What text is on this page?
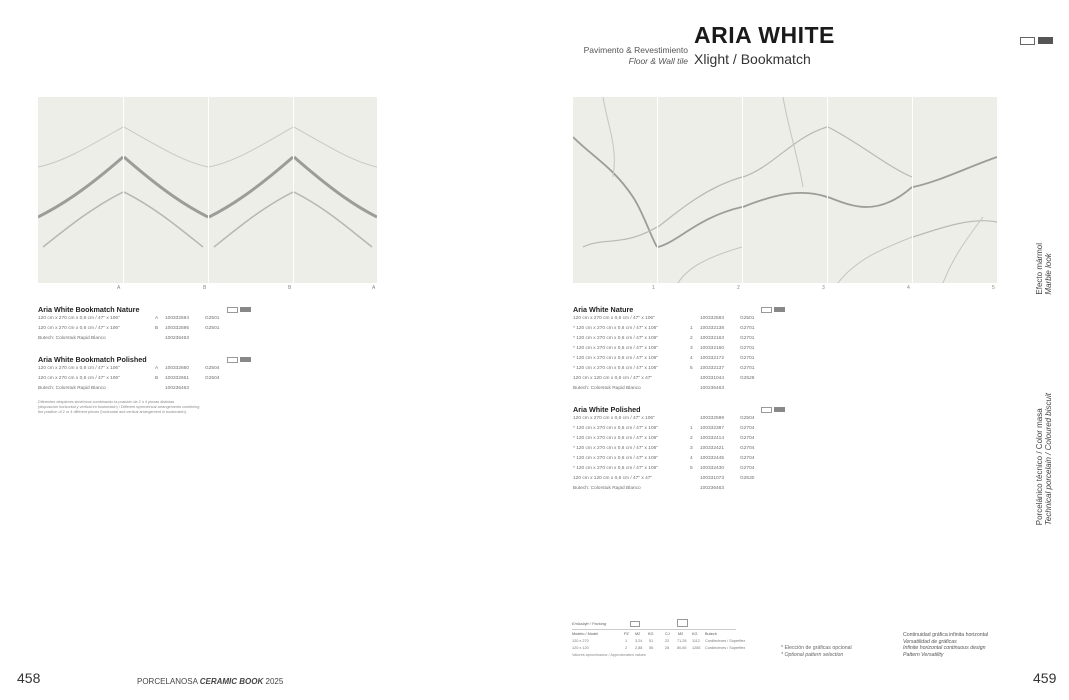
Pavimento & Revestimiento
Floor & Wall tile
ARIA WHITE
Xlight / Bookmatch
A	B	B	A	1	2	3	4	5
Aria White Bookmatch Nature
120 cm x 270 cm x 0,6 cm / 47" x 106"	A 100332594	G2501
120 cm x 270 cm x 0,6 cm / 47" x 106"	B 100332595	G2501
Butech: Colorstuk Rapid Blanco	100236463
Aria White Bookmatch Polished
120 cm x 270 cm x 0,6 cm / 47" x 106"	A 100332660	G2504
120 cm x 270 cm x 0,6 cm / 47" x 106"	B 100332661	G2504
Butech: Colorstuk Rapid Blanco	100236463
Diferentes despieces simétricos combinando la posición de 2 ó 4 piezas distintas
(disposición horizontal y vertical en bookmatch) / Different symmetrical arrangements combining
the position of 2 or 4 different pieces (horizontal and vertical arrangement in bookmatch).
Aria White Nature
120 cm x 270 cm x 0,6 cm / 47" x 106"	100332583	G2501
* 120 cm x 270 cm x 0,6 cm / 47" x 106"	1 100332138	G2701
* 120 cm x 270 cm x 0,6 cm / 47" x 106"	2 100332163	G2701
* 120 cm x 270 cm x 0,6 cm / 47" x 106"	3 100332160	G2701
* 120 cm x 270 cm x 0,6 cm / 47" x 106"	4 100332172	G2701
* 120 cm x 270 cm x 0,6 cm / 47" x 106"	5 100332137	G2701
120 cm x 120 cm x 0,6 cm / 47" x 47"	100331044	G2528
Butech: Colorstuk Rapid Blanco	100236463
Aria White Polished
120 cm x 270 cm x 0,6 cm / 47" x 106"	100332599	G2504
* 120 cm x 270 cm x 0,6 cm / 47" x 106"	1 100332387	G2704
* 120 cm x 270 cm x 0,6 cm / 47" x 106"	2 100332414	G2704
* 120 cm x 270 cm x 0,6 cm / 47" x 106"	3 100332421	G2704
* 120 cm x 270 cm x 0,6 cm / 47" x 106"	4 100332445	G2704
* 120 cm x 270 cm x 0,6 cm / 47" x 106"	5 100332430	G2704
120 cm x 120 cm x 0,6 cm / 47" x 47"	100331073	G2530
Butech: Colorstuk Rapid Blanco	100236463
Embalaje / Packing
Modelo / Model	PZ M2 KG	CJ M2 KG Butech
120 x 270	1 3,24 51	22 71,28 1112 Cordlechves / Superflex
120 x 120	2 2,88 56	28 80,65 1285 Cordlechves / Superflex
Valores aproximados / Approximated values
* Elección de gráficas opcional
* Optional pattern selection
Continuidad gráfica infinita horizontal
Versatilidad de gráficas
Infinite horizontal continuous design
Pattern Versatility
Efecto mármol
Marble look
Porcelánico técnico / Color masa
Technical porcelain / Coloured biscuit
458	PORCELANOSA CERAMIC BOOK 2025	459
